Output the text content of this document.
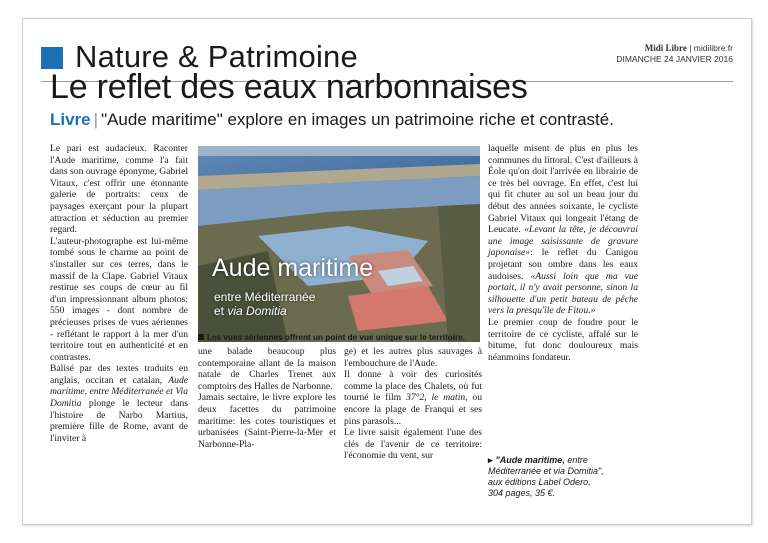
Nature & Patrimoine	Midi Libre | midilibre.fr
DIMANCHE 24 JANVIER 2016
Le reflet des eaux narbonnaises
Livre | "Aude maritime" explore en images un patrimoine riche et contrasté.

Le pari est audacieux. Raconter l'Aude maritime, comme l'a fait dans son ouvrage éponyme, Gabriel Vitaux, c'est offrir une étonnante galerie de portraits: ceux de paysages exerçant pour la plupart attraction et séduction au premier regard.

L'auteur-photographe est lui-même tombé sous le charme au point de s'installer sur ces terres, dans le massif de la Clape. Gabriel Vitaux restitue ses coups de cœur au fil d'un impressionnant album photos: 550 images - dont nombre de précieuses prises de vues aériennes - reflétant le rapport à la mer d'un territoire tout en authenticité et en contrastes.

Balisé par des textes traduits en anglais, occitan et catalan, Aude maritime, entre Méditerranée et Via Domitia plonge le lecteur dans l'histoire de Narbo Martius, première fille de Rome, avant de l'inviter à

Aude maritime
entre Méditerranée
et via Domitia
Les vues aériennes offrent un point de vue unique sur le territoire.

une balade beaucoup plus contemporaine allant de la maison natale de Charles Trenet aux comptoirs des Halles de Narbonne.

Jamais sectaire, le livre explore les deux facettes du patrimoine maritime: les cotes touristiques et urbanisées (Saint-Pierre-la-Mer et Narbonne-Pla-

ge) et les autres plus sauvages à l'embouchure de l'Aude.

Il donne à voir des curiosités comme la place des Chalets, où fut tourné le film 37°2, le matin, ou encore la plage de Franqui et ses pins parasols...

Le livre saisit également l'une des clés de l'avenir de ce territoire: l'économie du vent, sur

laquelle misent de plus en plus les communes du littoral. C'est d'ailleurs à Éole qu'on doit l'arrivée en librairie de ce très bel ouvrage. En effet, c'est lui qui fit chuter au sol un beau jour du début des années soixante, le cycliste Gabriel Vitaux qui longeait l'étang de Leucate. «Levant la tête, je découvrai une image saisissante de gravure japonaise»: le reflet du Canigou projetant son ombre dans les eaux audoises. «Aussi loin que ma vue portait, il n'y avait personne, sinon la silhouette d'un petit bateau de pêche vers la presqu'île de Fitou.»

Le premier coup de foudre pour le territoire de ce cycliste, affalé sur le bitume, fut donc douloureux mais néanmoins fondateur.

▸ "Aude maritime, entre Méditerranée et via Domitia",
aux éditions Label Odero,
304 pages, 35 €.
